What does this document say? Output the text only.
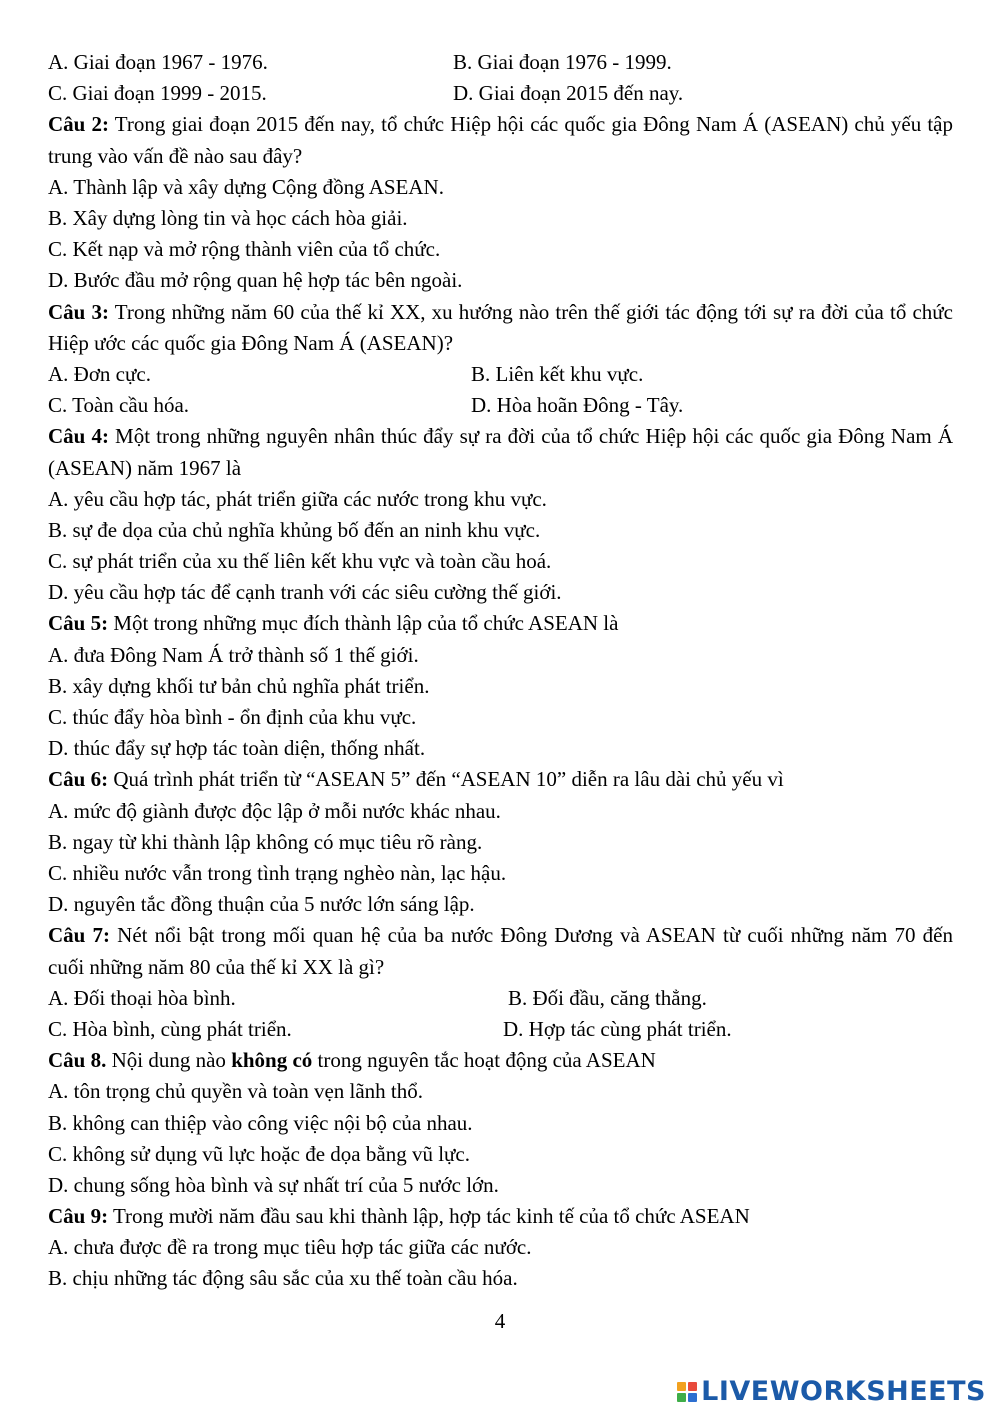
A. Giai đoạn 1967 - 1976.	B. Giai đoạn 1976 - 1999.
C. Giai đoạn 1999 - 2015.	D. Giai đoạn 2015 đến nay.
Câu 2: Trong giai đoạn 2015 đến nay, tổ chức Hiệp hội các quốc gia Đông Nam Á (ASEAN) chủ yếu tập trung vào vấn đề nào sau đây?
A. Thành lập và xây dựng Cộng đồng ASEAN.
B. Xây dựng lòng tin và học cách hòa giải.
C. Kết nạp và mở rộng thành viên của tổ chức.
D. Bước đầu mở rộng quan hệ hợp tác bên ngoài.
Câu 3: Trong những năm 60 của thế kỉ XX, xu hướng nào trên thế giới tác động tới sự ra đời của tổ chức Hiệp ước các quốc gia Đông Nam Á (ASEAN)?
A. Đơn cực.	B. Liên kết khu vực.
C. Toàn cầu hóa.	D. Hòa hoãn Đông - Tây.
Câu 4: Một trong những nguyên nhân thúc đẩy sự ra đời của tổ chức Hiệp hội các quốc gia Đông Nam Á (ASEAN) năm 1967 là
A. yêu cầu hợp tác, phát triển giữa các nước trong khu vực.
B. sự đe dọa của chủ nghĩa khủng bố đến an ninh khu vực.
C. sự phát triển của xu thế liên kết khu vực và toàn cầu hoá.
D. yêu cầu hợp tác để cạnh tranh với các siêu cường thế giới.
Câu 5: Một trong những mục đích thành lập của tổ chức ASEAN là
A. đưa Đông Nam Á trở thành số 1 thế giới.
B. xây dựng khối tư bản chủ nghĩa phát triển.
C. thúc đẩy hòa bình - ổn định của khu vực.
D. thúc đẩy sự hợp tác toàn diện, thống nhất.
Câu 6: Quá trình phát triển từ “ASEAN 5” đến “ASEAN 10” diễn ra lâu dài chủ yếu vì
A. mức độ giành được độc lập ở mỗi nước khác nhau.
B. ngay từ khi thành lập không có mục tiêu rõ ràng.
C. nhiều nước vẫn trong tình trạng nghèo nàn, lạc hậu.
D. nguyên tắc đồng thuận của 5 nước lớn sáng lập.
Câu 7: Nét nổi bật trong mối quan hệ của ba nước Đông Dương và ASEAN từ cuối những năm 70 đến cuối những năm 80 của thế kỉ XX là gì?
A. Đối thoại hòa bình.	B. Đối đầu, căng thẳng.
C. Hòa bình, cùng phát triển.	D. Hợp tác cùng phát triển.
Câu 8. Nội dung nào không có trong nguyên tắc hoạt động của ASEAN
A. tôn trọng chủ quyền và toàn vẹn lãnh thổ.
B. không can thiệp vào công việc nội bộ của nhau.
C. không sử dụng vũ lực hoặc đe dọa bằng vũ lực.
D. chung sống hòa bình và sự nhất trí của 5 nước lớn.
Câu 9: Trong mười năm đầu sau khi thành lập, hợp tác kinh tế của tổ chức ASEAN
A. chưa được đề ra trong mục tiêu hợp tác giữa các nước.
B. chịu những tác động sâu sắc của xu thế toàn cầu hóa.
4
LIVEWORKSHEETS
